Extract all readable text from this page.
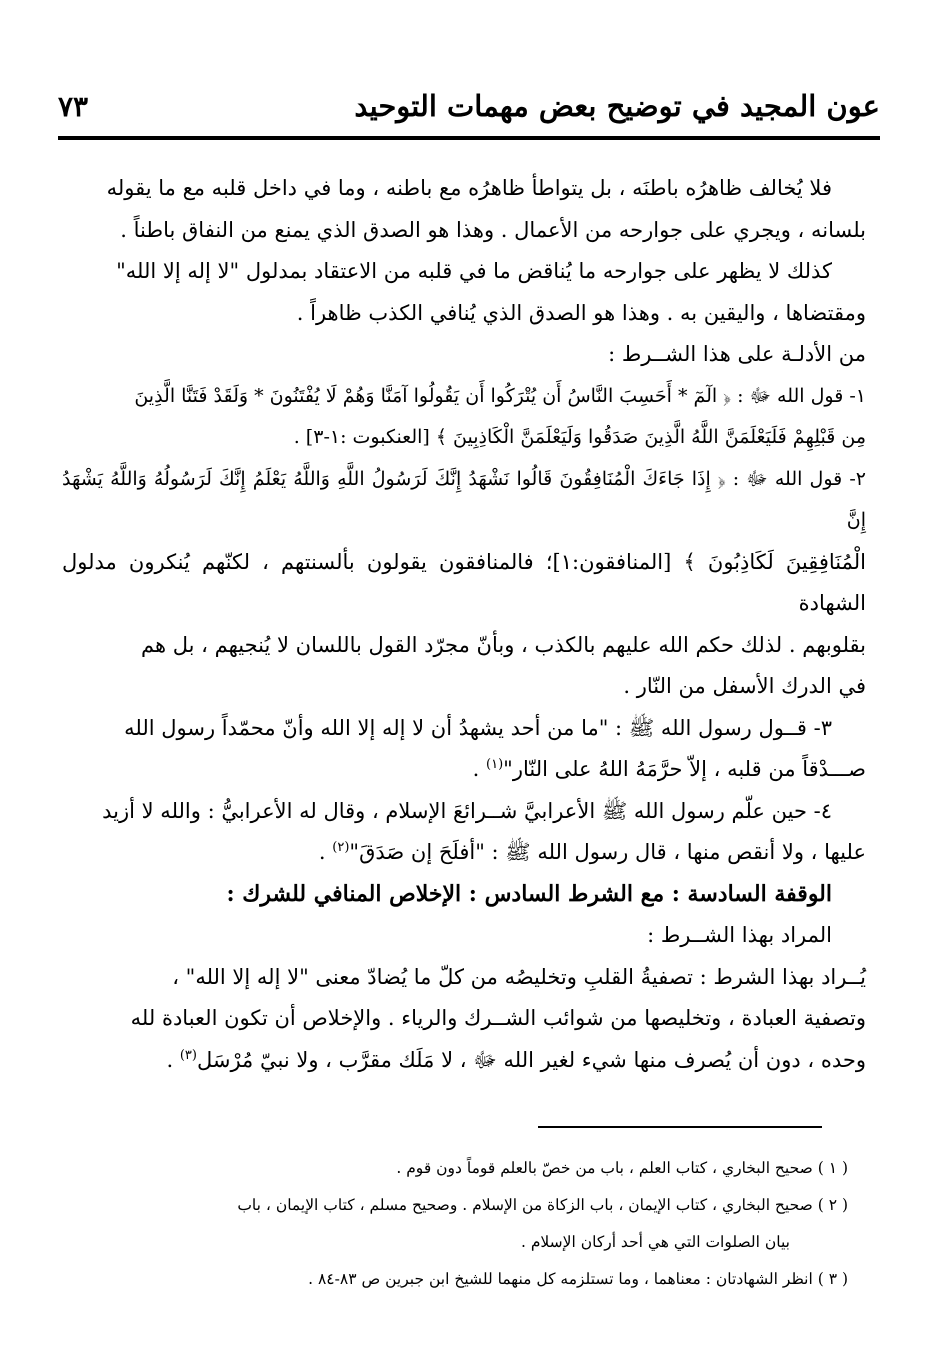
٧٣	عون المجيد في توضيح بعض مهمات التوحيد

فلا يُخالف ظاهرُه باطنَه ، بل يتواطأ ظاهرُه مع باطنه ، وما في داخل قلبه مع ما يقوله

بلسانه ، ويجري على جوارحه من الأعمال . وهذا هو الصدق الذي يمنع من النفاق باطناً .

كذلك لا يظهر على جوارحه ما يُناقض ما في قلبه من الاعتقاد بمدلول "لا إله إلا الله"

ومقتضاها ، واليقين به . وهذا هو الصدق الذي يُنافي الكذب ظاهراً .

من الأدلـة على هذا الشــرط :

١- قول الله ﷻ : ﴿ الٓمٓ * أَحَسِبَ النَّاسُ أَن يُتْرَكُوا أَن يَقُولُوا آمَنَّا وَهُمْ لَا يُفْتَنُونَ * وَلَقَدْ فَتَنَّا الَّذِينَ

مِن قَبْلِهِمْ فَلَيَعْلَمَنَّ اللَّهُ الَّذِينَ صَدَقُوا وَلَيَعْلَمَنَّ الْكَاذِبِينَ ﴾ [العنكبوت :١-٣] .

٢- قول الله ﷻ : ﴿ إِذَا جَاءَكَ الْمُنَافِقُونَ قَالُوا نَشْهَدُ إِنَّكَ لَرَسُولُ اللَّهِ وَاللَّهُ يَعْلَمُ إِنَّكَ لَرَسُولُهُ وَاللَّهُ يَشْهَدُ إِنَّ

الْمُنَافِقِينَ لَكَاذِبُونَ ﴾ [المنافقون:١]؛ فالمنافقون يقولون بألسنتهم ، لكنّهم يُنكرون مدلول الشهادة

بقلوبهم . لذلك حكم الله عليهم بالكذب ، وبأنّ مجرّد القول باللسان لا يُنجيهم ، بل هم

في الدرك الأسفل من النّار .

٣- قــول رسول الله ﷺ : "ما من أحد يشهدُ أن لا إله إلا الله وأنّ محمّداً رسول الله

صـــدْقاً من قلبه ، إلاّ حرَّمَهُ اللهُ على النّار"$^{(١)}$ .

٤- حين علّم رسول الله ﷺ الأعرابيَّ شــرائعَ الإسلام ، وقال له الأعرابيُّ : والله لا أزيد

عليها ، ولا أنقص منها ، قال رسول الله ﷺ : "أفلَحَ إن صَدَقَ"$^{(٢)}$ .

الوقفة السادسة : مع الشرط السادس : الإخلاص المنافي للشرك :

المراد بهذا الشــرط :

يُــراد بهذا الشرط : تصفيةُ القلبِ وتخليصُه من كلّ ما يُضادّ معنى "لا إله إلا الله" ،

وتصفية العبادة ، وتخليصها من شوائب الشــرك والرياء . والإخلاص أن تكون العبادة لله

وحده ، دون أن يُصرف منها شيء لغير الله ﷻ ، لا مَلَك مقرَّب ، ولا نبيّ مُرْسَل$^{(٣)}$ .

( ١ ) صحيح البخاري ، كتاب العلم ، باب من خصّ بالعلم قوماً دون قوم .

( ٢ ) صحيح البخاري ، كتاب الإيمان ، باب الزكاة من الإسلام . وصحيح مسلم ، كتاب الإيمان ، باب

بيان الصلوات التي هي أحد أركان الإسلام .

( ٣ ) انظر الشهادتان : معناهما ، وما تستلزمه كل منهما للشيخ ابن جبرين ص ٨٣-٨٤ .
